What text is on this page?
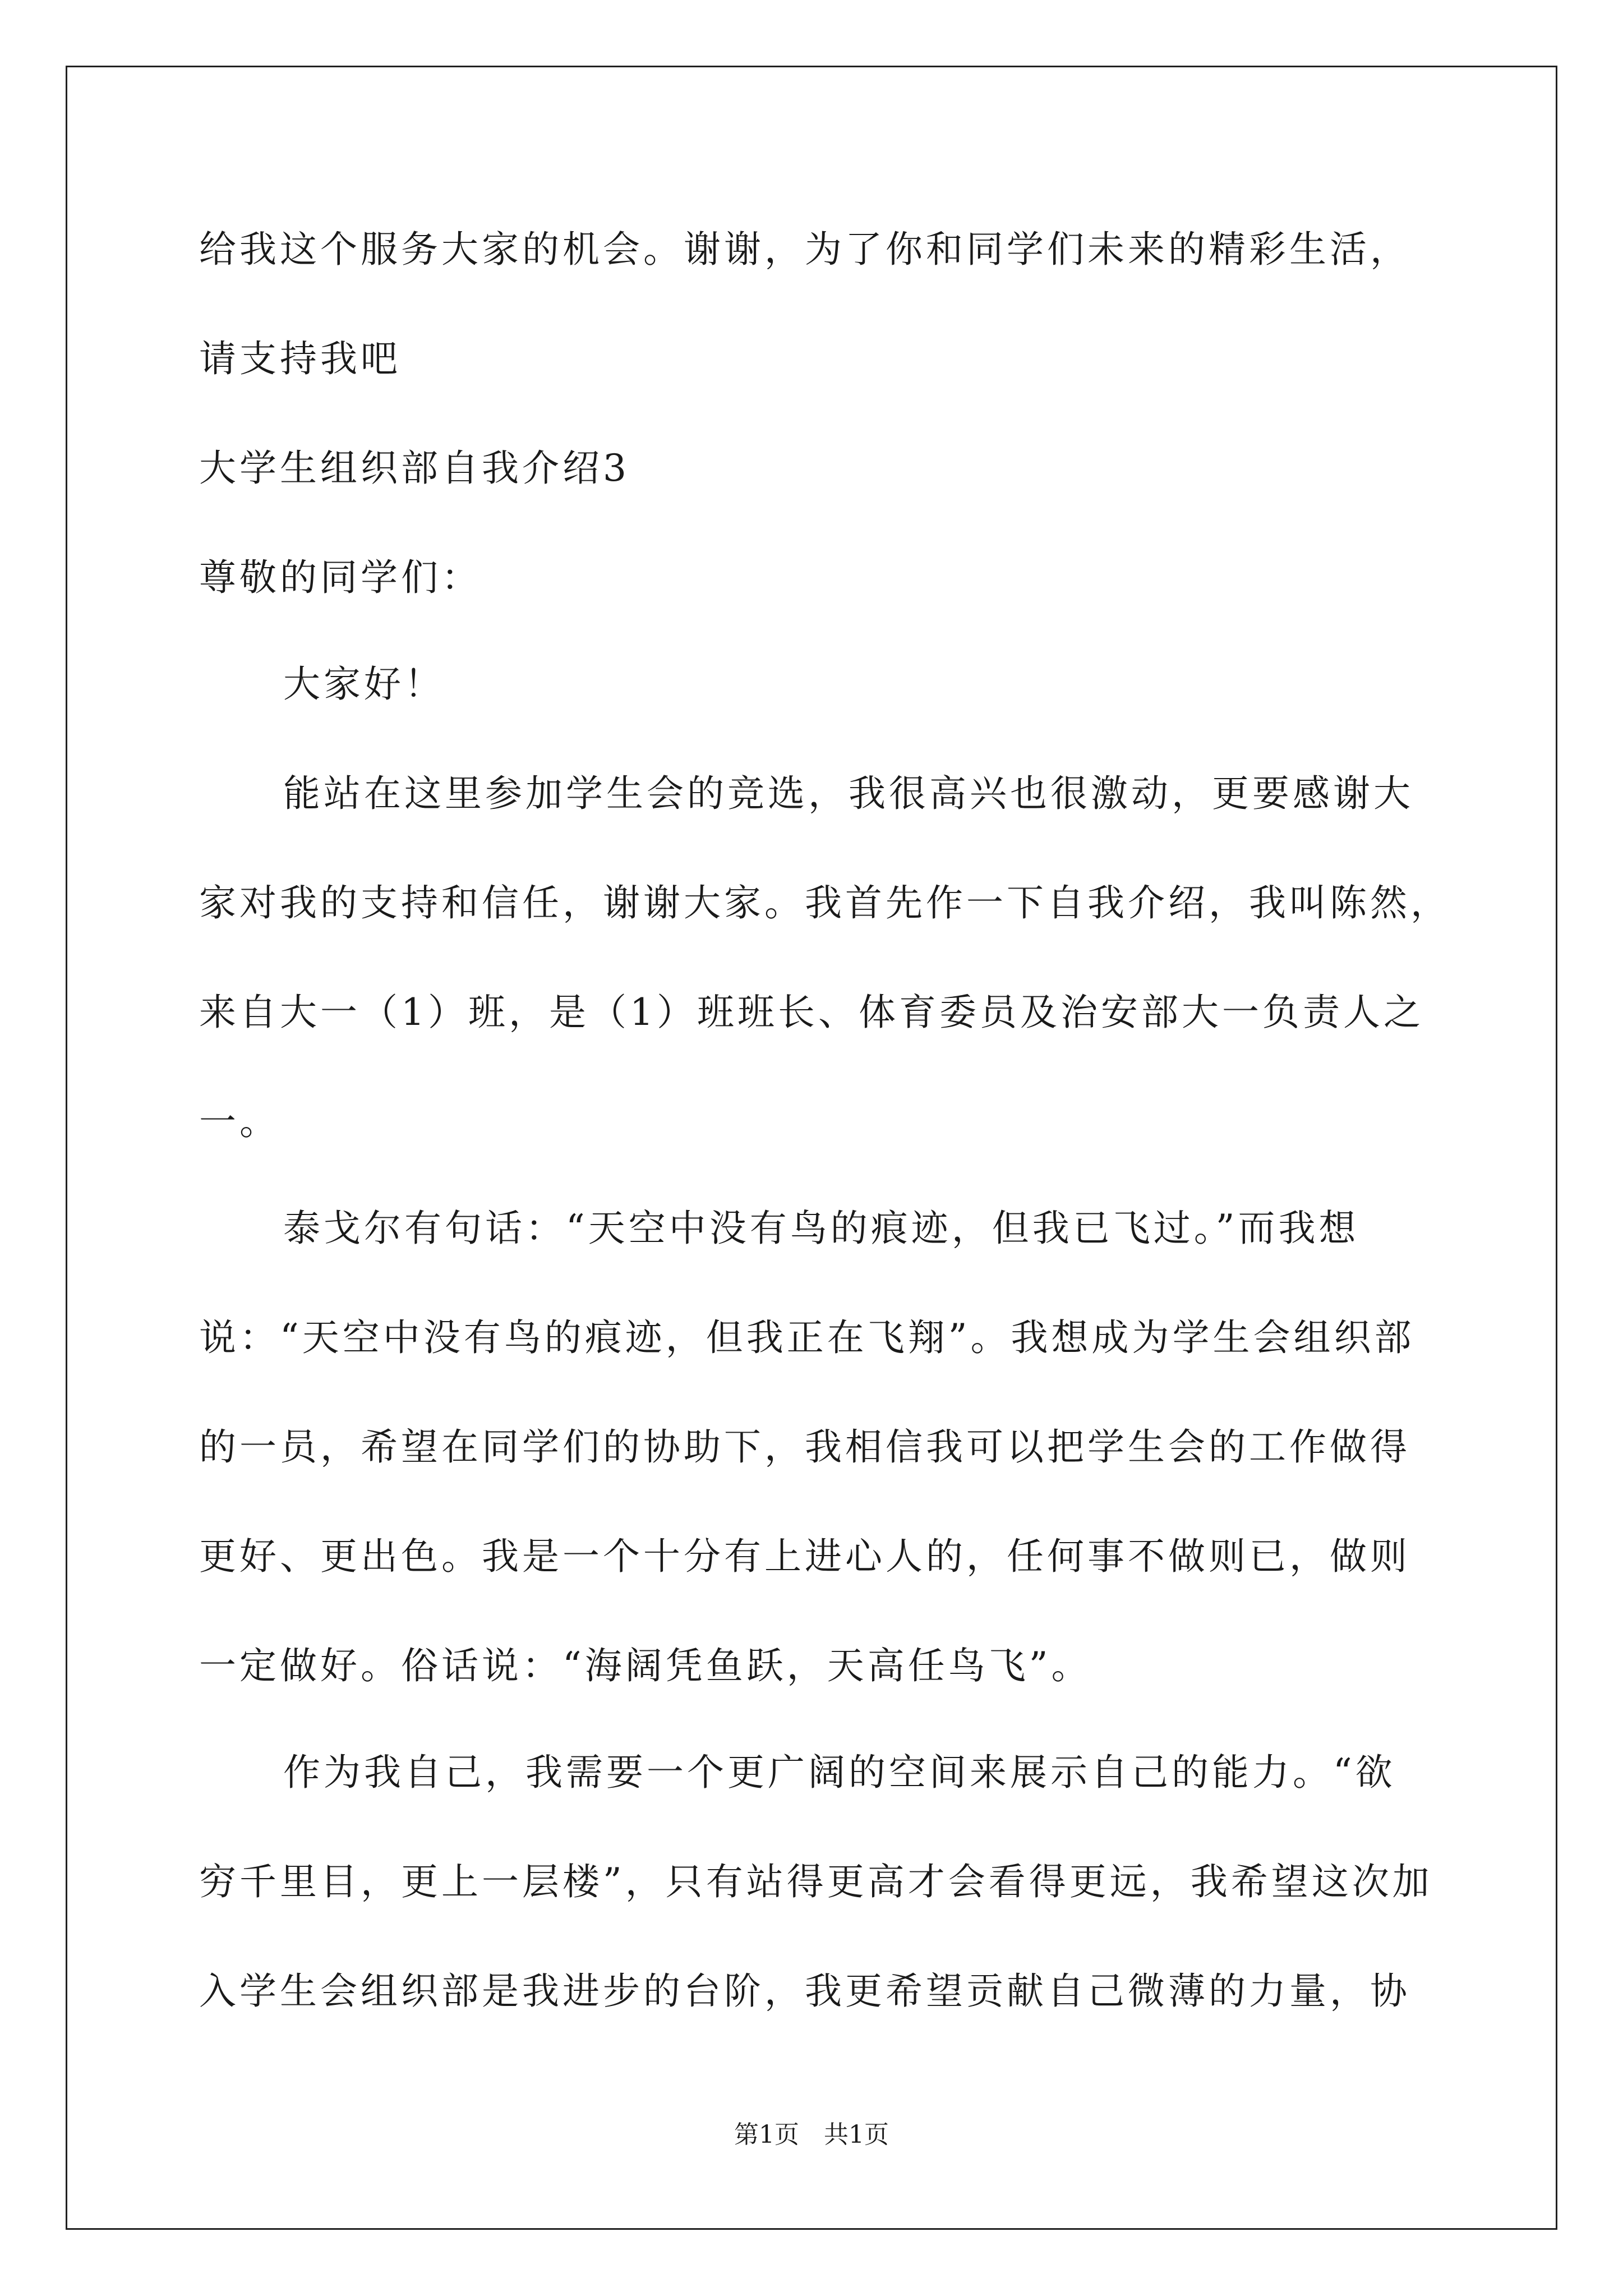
给我这个服务大家的机会。谢谢，为了你和同学们未来的精彩生活，
请支持我吧
大学生组织部自我介绍3
尊敬的同学们：
大家好！
能站在这里参加学生会的竞选，我很高兴也很激动，更要感谢大
家对我的支持和信任，谢谢大家。我首先作一下自我介绍，我叫陈然，
来自大一（1）班，是（1）班班长、体育委员及治安部大一负责人之
一。
泰戈尔有句话：“天空中没有鸟的痕迹，但我已飞过。”而我想
说：“天空中没有鸟的痕迹，但我正在飞翔”。我想成为学生会组织部
的一员，希望在同学们的协助下，我相信我可以把学生会的工作做得
更好、更出色。我是一个十分有上进心人的，任何事不做则已，做则
一定做好。俗话说：“海阔凭鱼跃，天高任鸟飞”。
作为我自己，我需要一个更广阔的空间来展示自己的能力。“欲
穷千里目，更上一层楼”，只有站得更高才会看得更远，我希望这次加
入学生会组织部是我进步的台阶，我更希望贡献自己微薄的力量，协
第1页　共1页
